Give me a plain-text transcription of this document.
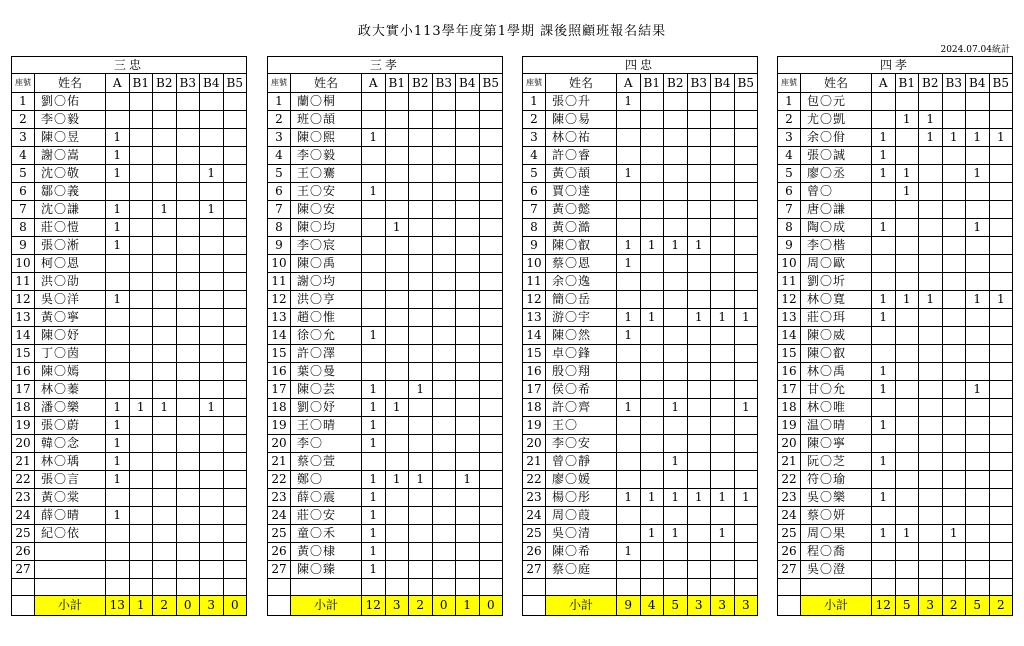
政大實小113學年度第1學期 課後照顧班報名結果
2024.07.04統計
三忠							
座號	姓名	A	B1	B2	B3	B4	B5
1	劉〇佑						
2	李〇毅						
3	陳〇昱	1					
4	謝〇嵩	1					
5	沈〇敬	1				1	
6	鄒〇義						
7	沈〇謙	1		1		1	
8	莊〇愷	1					
9	張〇淅	1					
10	柯〇恩						
11	洪〇劭						
12	吳〇洋	1					
13	黃〇寧						
14	陳〇妤						
15	丁〇茵						
16	陳〇嫣						
17	林〇蓁						
18	潘〇樂	1	1	1		1	
19	張〇蔚	1					
20	韓〇念	1					
21	林〇瑀	1					
22	張〇言	1					
23	黃〇棠						
24	薛〇晴	1					
25	紀〇依						
26							
27							

	小計	13	1	2	0	3	0
三孝							
座號	姓名	A	B1	B2	B3	B4	B5
1	蘭〇桐						
2	班〇頡						
3	陳〇熙	1					
4	李〇毅						
5	王〇騫						
6	王〇安	1					
7	陳〇安						
8	陳〇均		1				
9	李〇宸						
10	陳〇禹						
11	謝〇均						
12	洪〇亨						
13	趙〇惟						
14	徐〇允	1					
15	許〇澤						
16	葉〇曼						
17	陳〇芸	1		1			
18	劉〇妤	1	1				
19	王〇晴	1					
20	李〇	1					
21	蔡〇萱						
22	鄭〇	1	1	1		1	
23	薛〇震	1					
24	莊〇安	1					
25	童〇禾	1					
26	黃〇棣	1					
27	陳〇臻	1					

	小計	12	3	2	0	1	0
四忠							
座號	姓名	A	B1	B2	B3	B4	B5
1	張〇升	1					
2	陳〇易						
3	林〇祐						
4	許〇睿						
5	黃〇頡	1					
6	賈〇達						
7	黃〇懿						
8	黃〇澔						
9	陳〇叡	1	1	1	1		
10	蔡〇恩	1					
11	余〇逸						
12	簡〇岳						
13	游〇宇	1	1		1	1	1
14	陳〇然	1					
15	卓〇鋒						
16	殷〇翔						
17	侯〇希						
18	許〇齊	1		1			1
19	王〇						
20	李〇安						
21	曾〇靜			1			
22	廖〇媛						
23	楊〇彤	1	1	1	1	1	1
24	周〇葭						
25	吳〇清		1	1		1	
26	陳〇希	1					
27	蔡〇庭						

	小計	9	4	5	3	3	3
四孝							
座號	姓名	A	B1	B2	B3	B4	B5
1	包〇元						
2	尤〇凱		1	1			
3	余〇佾	1		1	1	1	1
4	張〇誠	1					
5	廖〇丞	1	1			1	
6	曾〇		1				
7	唐〇謙						
8	陶〇成	1				1	
9	李〇楷						
10	周〇歐						
11	劉〇圻						
12	林〇寬	1	1	1		1	1
13	莊〇珥	1					
14	陳〇威						
15	陳〇叡						
16	林〇禹	1					
17	甘〇允	1				1	
18	林〇唯						
19	温〇晴	1					
20	陳〇寧						
21	阮〇芝	1					
22	符〇瑜						
23	吳〇樂	1					
24	蔡〇妍						
25	周〇果	1	1		1		
26	程〇喬						
27	吳〇澄						

	小計	12	5	3	2	5	2
